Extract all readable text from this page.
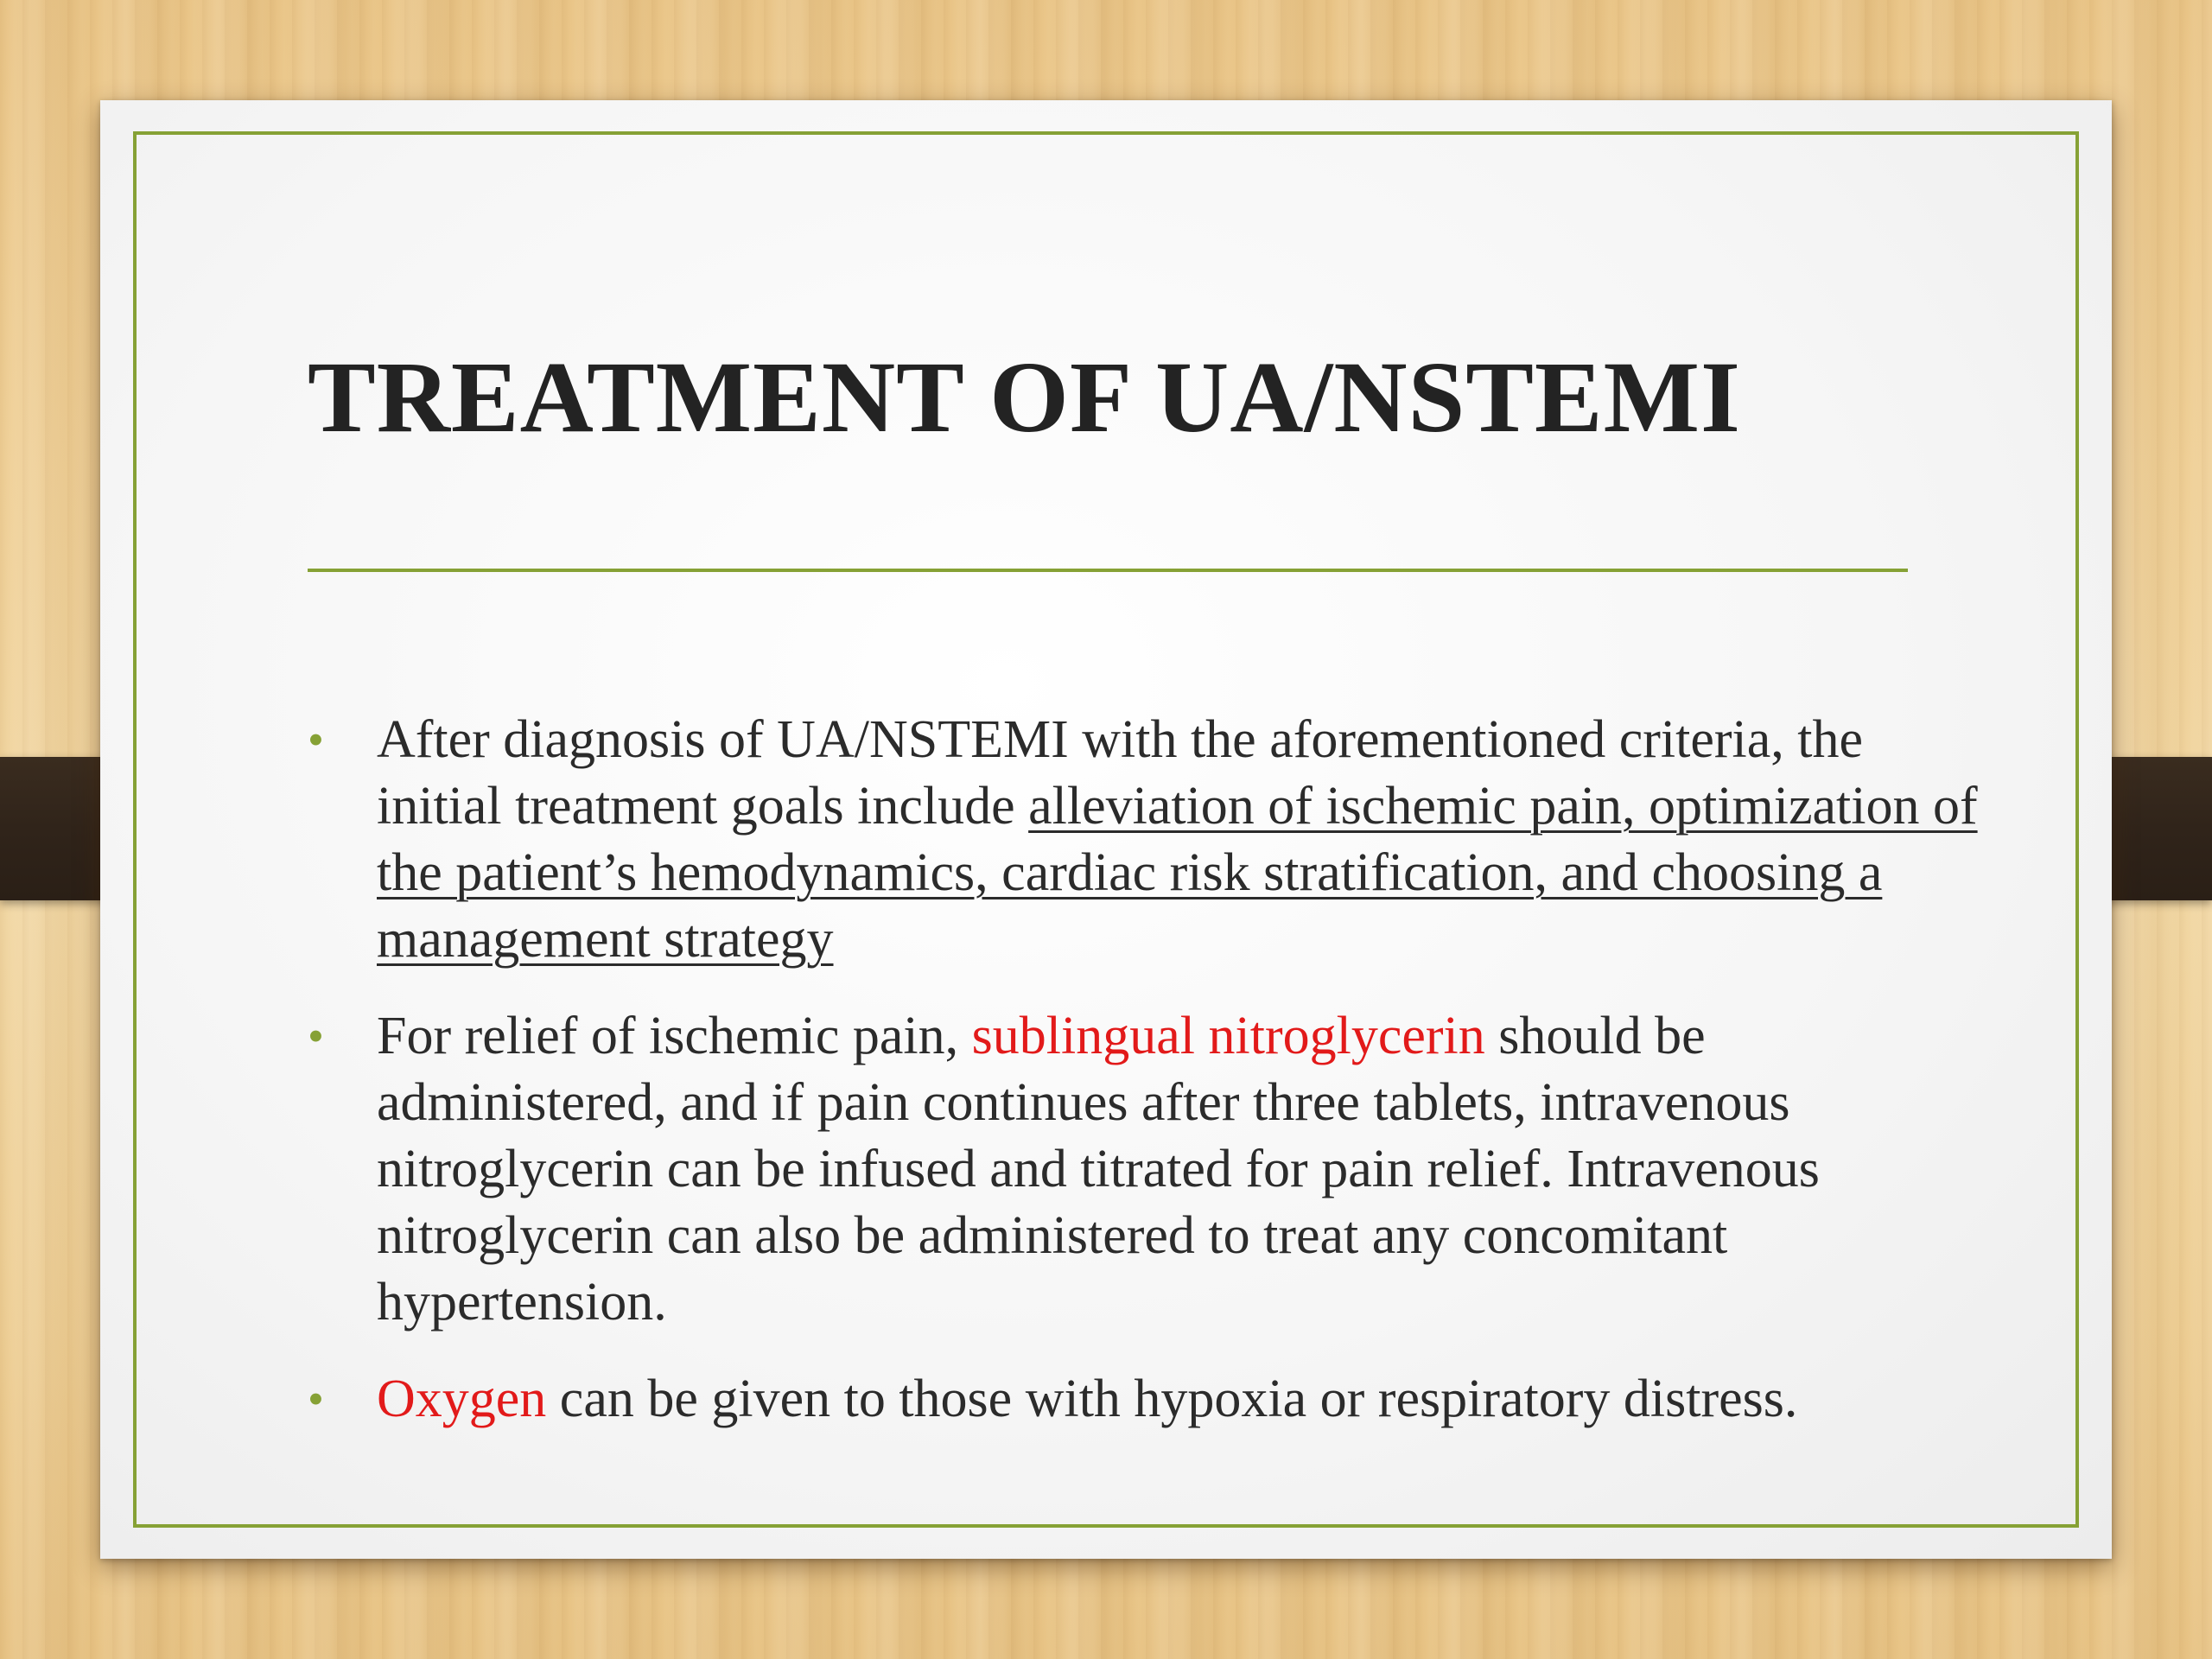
TREATMENT OF UA/NSTEMI
• After diagnosis of UA/NSTEMI with the aforementioned criteria, the initial treatment goals include alleviation of ischemic pain, optimization of the patient’s hemodynamics, cardiac risk stratification, and choosing a management strategy
• For relief of ischemic pain, sublingual nitroglycerin should be administered, and if pain continues after three tablets, intravenous nitroglycerin can be infused and titrated for pain relief. Intravenous nitroglycerin can also be administered to treat any concomitant hypertension.
• Oxygen can be given to those with hypoxia or respiratory distress.
